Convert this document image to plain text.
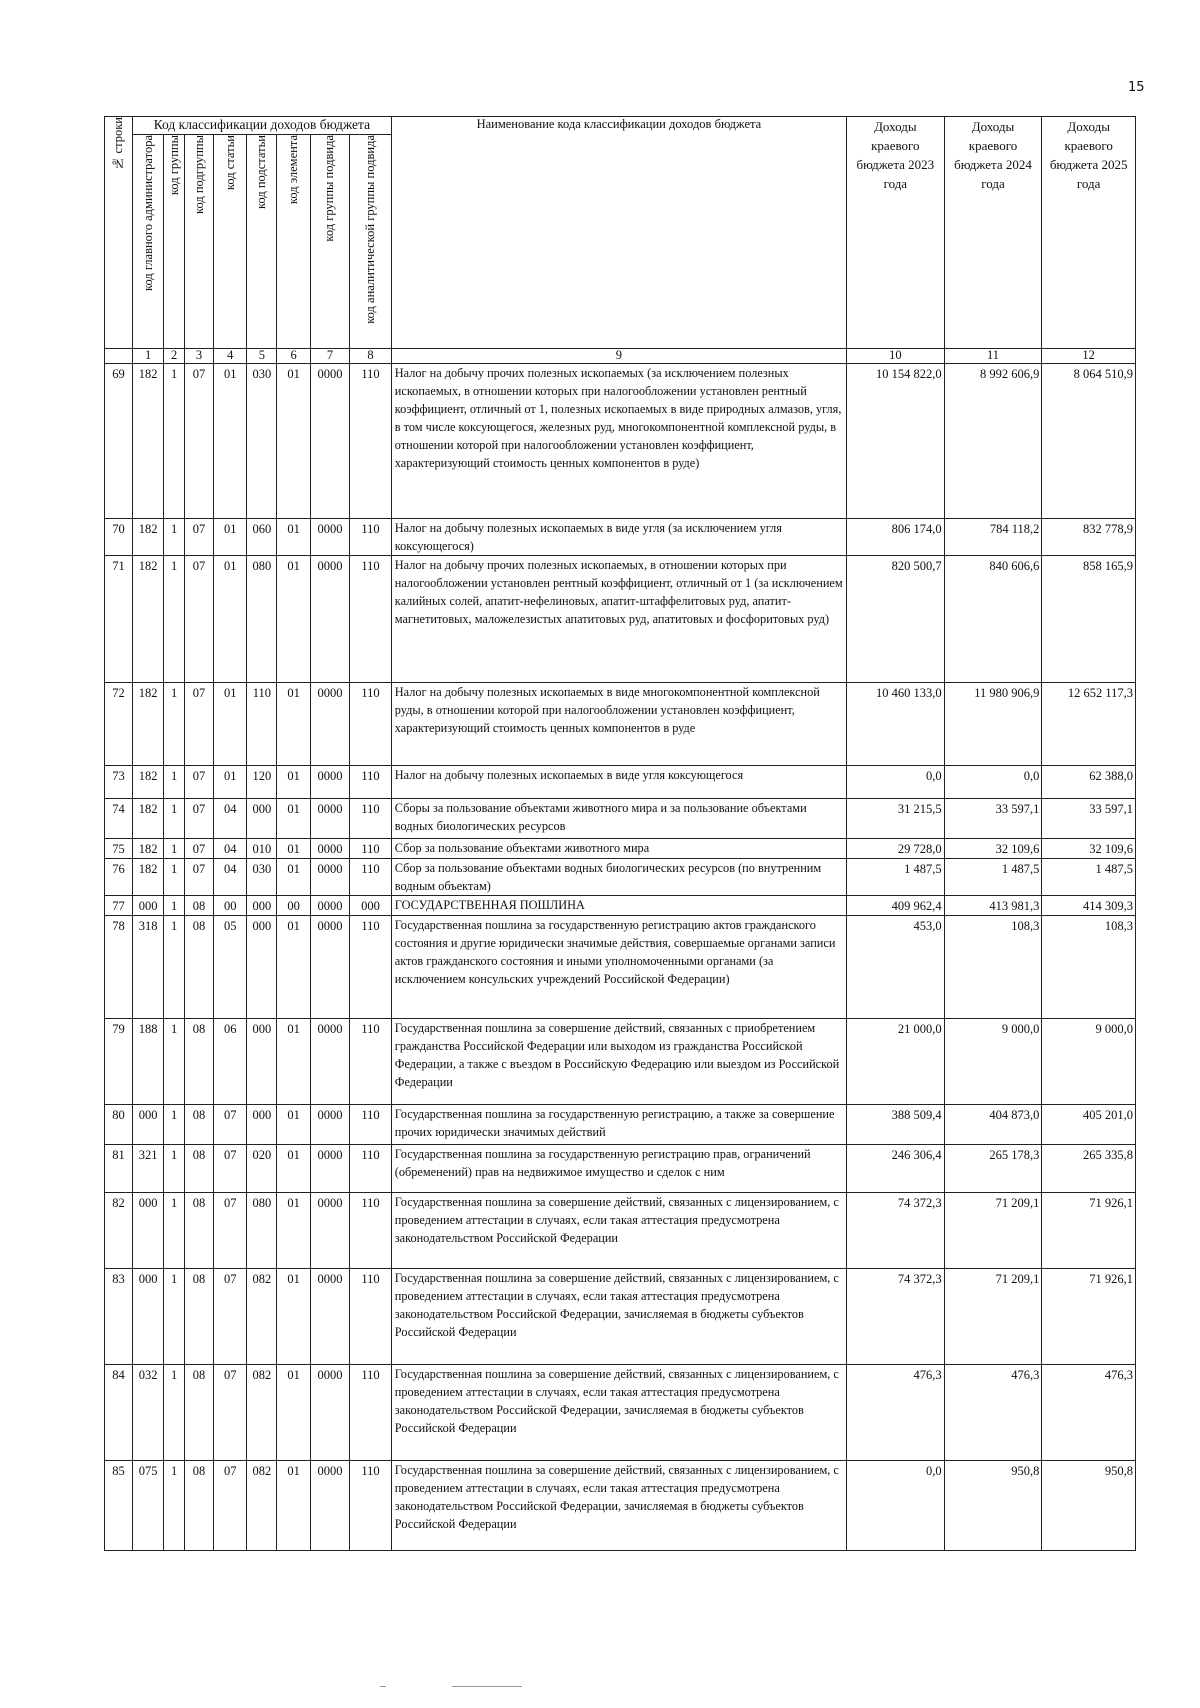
15
№ строки	Код классификации доходов бюджета								Наименование кода классификации доходов бюджета	Доходы краевого бюджета 2023 года	Доходы краевого бюджета 2024 года	Доходы краевого бюджета 2025 года

	код главного администратора	код группы	код подгруппы	код статьи	код подстатьи	код элемента	код группы подвида	код аналитической группы подвида				

	1	2	3	4	5	6	7	8	9	10	11	12
69	182	1	07	01	030	01	0000	110	Налог на добычу прочих полезных ископаемых (за исключением полезных ископаемых, в отношении которых при налогообложении установлен рентный коэффициент, отличный от 1, полезных ископаемых в виде природных алмазов, угля, в том числе коксующегося, железных руд, многокомпонентной комплексной руды, в отношении которой при налогообложении установлен коэффициент, характеризующий стоимость ценных компонентов в руде)	10 154 822,0	8 992 606,9	8 064 510,9
70	182	1	07	01	060	01	0000	110	Налог на добычу полезных ископаемых в виде угля (за исключением угля коксующегося)	806 174,0	784 118,2	832 778,9
71	182	1	07	01	080	01	0000	110	Налог на добычу прочих полезных ископаемых, в отношении которых при налогообложении установлен рентный коэффициент, отличный от 1 (за исключением калийных солей, апатит-нефелиновых, апатит-штаффелитовых руд, апатит-магнетитовых, маложелезистых апатитовых руд, апатитовых и фосфоритовых руд)	820 500,7	840 606,6	858 165,9
72	182	1	07	01	110	01	0000	110	Налог на добычу полезных ископаемых в виде многокомпонентной комплексной руды, в отношении которой при налогообложении установлен коэффициент, характеризующий стоимость ценных компонентов в руде	10 460 133,0	11 980 906,9	12 652 117,3
73	182	1	07	01	120	01	0000	110	Налог на добычу полезных ископаемых в виде угля коксующегося	0,0	0,0	62 388,0
74	182	1	07	04	000	01	0000	110	Сборы за пользование объектами животного мира и за пользование объектами водных биологических ресурсов	31 215,5	33 597,1	33 597,1
75	182	1	07	04	010	01	0000	110	Сбор за пользование объектами животного мира	29 728,0	32 109,6	32 109,6
76	182	1	07	04	030	01	0000	110	Сбор за пользование объектами водных биологических ресурсов (по внутренним водным объектам)	1 487,5	1 487,5	1 487,5
77	000	1	08	00	000	00	0000	000	ГОСУДАРСТВЕННАЯ ПОШЛИНА	409 962,4	413 981,3	414 309,3
78	318	1	08	05	000	01	0000	110	Государственная пошлина за государственную регистрацию актов гражданского состояния и другие юридически значимые действия, совершаемые органами записи актов гражданского состояния и иными уполномоченными органами (за исключением консульских учреждений Российской Федерации)	453,0	108,3	108,3
79	188	1	08	06	000	01	0000	110	Государственная пошлина за совершение действий, связанных с приобретением гражданства Российской Федерации или выходом из гражданства Российской Федерации, а также с въездом в Российскую Федерацию или выездом из Российской Федерации	21 000,0	9 000,0	9 000,0
80	000	1	08	07	000	01	0000	110	Государственная пошлина за государственную регистрацию, а также за совершение прочих юридически значимых действий	388 509,4	404 873,0	405 201,0
81	321	1	08	07	020	01	0000	110	Государственная пошлина за государственную регистрацию прав, ограничений (обременений) прав на недвижимое имущество и сделок с ним	246 306,4	265 178,3	265 335,8
82	000	1	08	07	080	01	0000	110	Государственная пошлина за совершение действий, связанных с лицензированием, с проведением аттестации в случаях, если такая аттестация предусмотрена законодательством Российской Федерации	74 372,3	71 209,1	71 926,1
83	000	1	08	07	082	01	0000	110	Государственная пошлина за совершение действий, связанных с лицензированием, с проведением аттестации в случаях, если такая аттестация предусмотрена законодательством Российской Федерации, зачисляемая в бюджеты субъектов Российской Федерации	74 372,3	71 209,1	71 926,1
84	032	1	08	07	082	01	0000	110	Государственная пошлина за совершение действий, связанных с лицензированием, с проведением аттестации в случаях, если такая аттестация предусмотрена законодательством Российской Федерации, зачисляемая в бюджеты субъектов Российской Федерации	476,3	476,3	476,3
85	075	1	08	07	082	01	0000	110	Государственная пошлина за совершение действий, связанных с лицензированием, с проведением аттестации в случаях, если такая аттестация предусмотрена законодательством Российской Федерации, зачисляемая в бюджеты субъектов Российской Федерации	0,0	950,8	950,8
